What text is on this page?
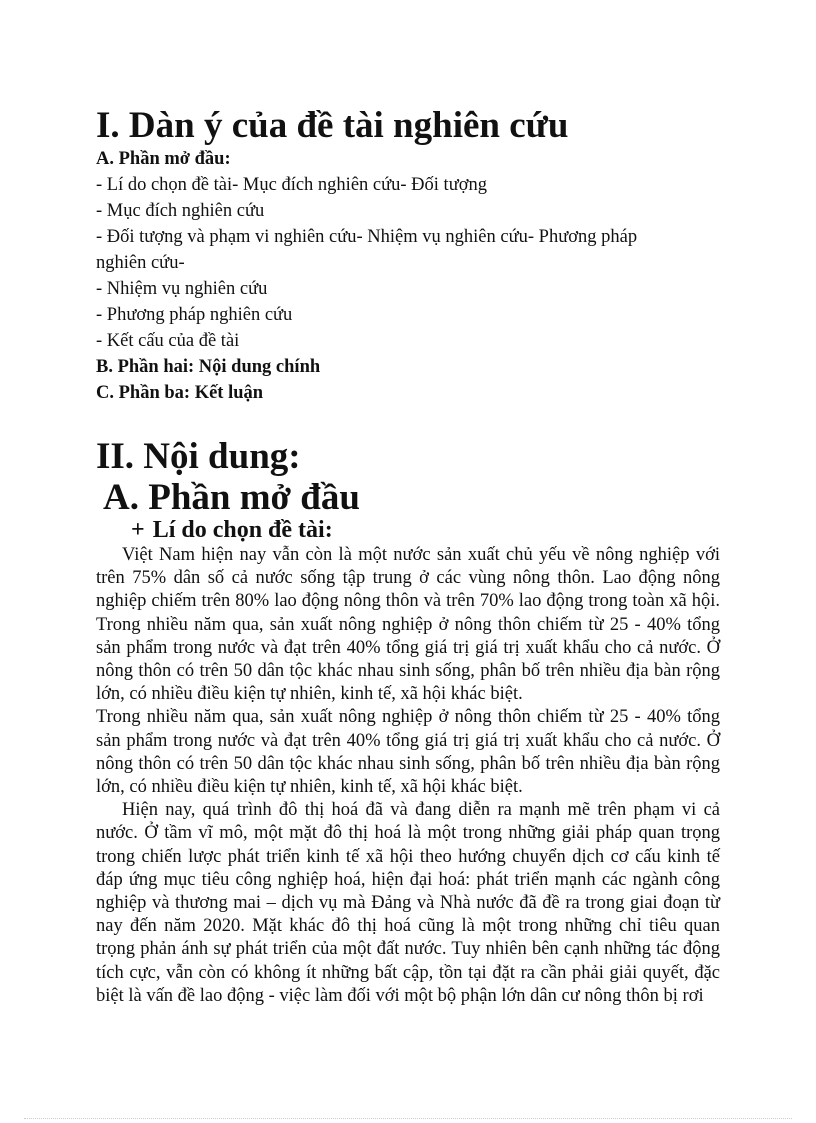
I. Dàn ý của đề tài nghiên cứu
A. Phần mở đầu:
- Lí do chọn đề tài- Mục đích nghiên cứu- Đối tượng
- Mục đích nghiên cứu
- Đối tượng và phạm vi nghiên cứu- Nhiệm vụ nghiên cứu- Phương pháp
nghiên cứu-
- Nhiệm vụ nghiên cứu
- Phương pháp nghiên cứu
- Kết cấu của đề tài
B. Phần hai: Nội dung chính
C. Phần ba: Kết luận
II. Nội dung:
A. Phần mở đầu
+ Lí do chọn đề tài:

Việt Nam hiện nay vẫn còn là một nước sản xuất chủ yếu về nông nghiệp với trên 75% dân số cả nước sống tập trung ở các vùng nông thôn. Lao động nông nghiệp chiếm trên 80% lao động nông thôn và trên 70% lao động trong toàn xã hội. Trong nhiều năm qua, sản xuất nông nghiệp ở nông thôn chiếm từ 25 - 40% tổng sản phẩm trong nước và đạt trên 40% tổng giá trị giá trị xuất khẩu cho cả nước. Ở nông thôn có trên 50 dân tộc khác nhau sinh sống, phân bố trên nhiều địa bàn rộng lớn, có nhiều điều kiện tự nhiên, kinh tế, xã hội khác biệt.

Trong nhiều năm qua, sản xuất nông nghiệp ở nông thôn chiếm từ 25 - 40% tổng sản phẩm trong nước và đạt trên 40% tổng giá trị giá trị xuất khẩu cho cả nước. Ở nông thôn có trên 50 dân tộc khác nhau sinh sống, phân bố trên nhiều địa bàn rộng lớn, có nhiều điều kiện tự nhiên, kinh tế, xã hội khác biệt.

Hiện nay, quá trình đô thị hoá đã và đang diễn ra mạnh mẽ trên phạm vi cả nước. Ở tầm vĩ mô, một mặt đô thị hoá là một trong những giải pháp quan trọng trong chiến lược phát triển kinh tế xã hội theo hướng chuyển dịch cơ cấu kinh tế đáp ứng mục tiêu công nghiệp hoá, hiện đại hoá: phát triển mạnh các ngành công nghiệp và thương mai – dịch vụ mà Đảng và Nhà nước đã đề ra trong giai đoạn từ nay đến năm 2020. Mặt khác đô thị hoá cũng là một trong những chỉ tiêu quan trọng phản ánh sự phát triển của một đất nước. Tuy nhiên bên cạnh những tác động tích cực, vẫn còn có không ít những bất cập, tồn tại đặt ra cần phải giải quyết, đặc biệt là vấn đề lao động - việc làm đối với một bộ phận lớn dân cư nông thôn bị rơi
